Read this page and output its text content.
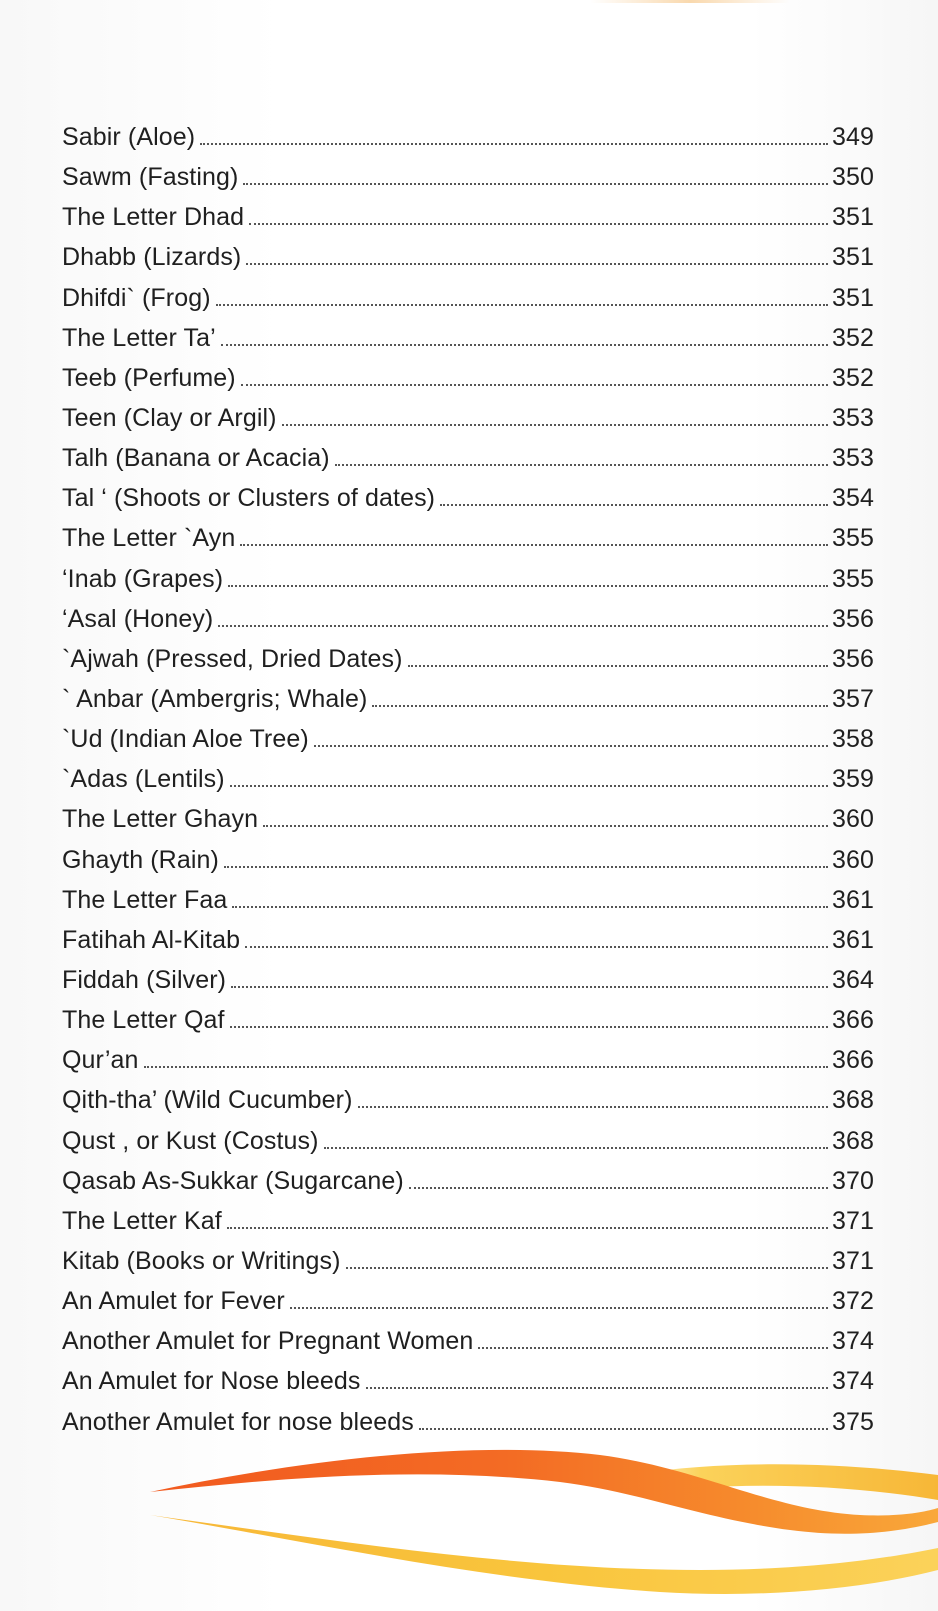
Sabir (Aloe)	349
Sawm (Fasting)	350
The Letter Dhad	351
Dhabb (Lizards)	351
Dhifdi` (Frog)	351
The Letter Ta’	352
Teeb (Perfume)	352
Teen (Clay or Argil)	353
Talh (Banana or Acacia)	353
Tal ‘ (Shoots or Clusters of dates)	354
The Letter `Ayn	355
‘Inab (Grapes)	355
‘Asal (Honey)	356
`Ajwah (Pressed, Dried Dates)	356
` Anbar (Ambergris; Whale)	357
`Ud (Indian Aloe Tree)	358
`Adas (Lentils)	359
The Letter Ghayn	360
Ghayth (Rain)	360
The Letter Faa	361
Fatihah Al-Kitab	361
Fiddah (Silver)	364
The Letter Qaf	366
Qur’an	366
Qith-tha’ (Wild Cucumber)	368
Qust , or Kust (Costus)	368
Qasab As-Sukkar (Sugarcane)	370
The Letter Kaf	371
Kitab (Books or Writings)	371
An Amulet for Fever	372
Another Amulet for Pregnant Women	374
An Amulet for Nose bleeds	374
Another Amulet for nose bleeds	375
